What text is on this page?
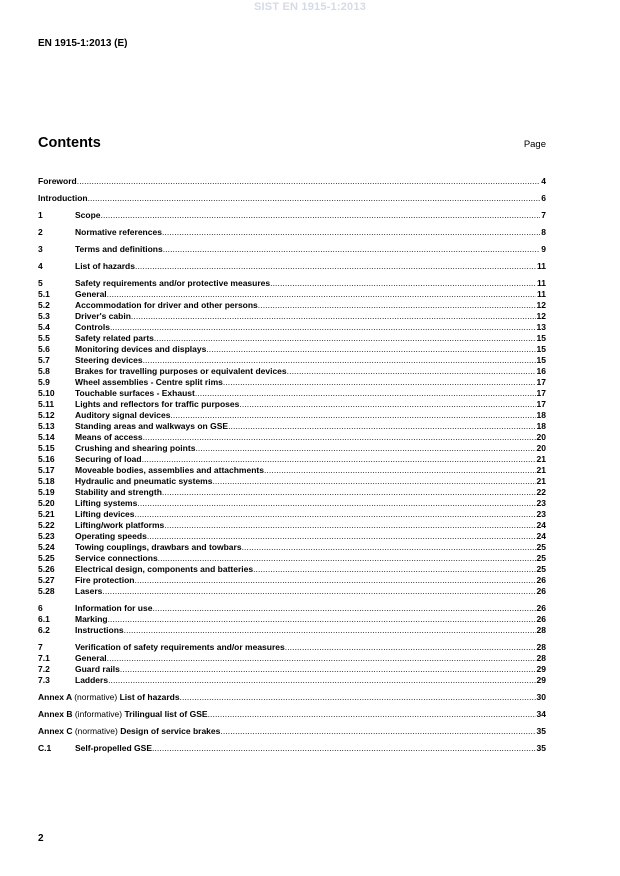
SIST EN 1915-1:2013
EN 1915-1:2013 (E)
Contents	Page
Foreword .....	4
Introduction .....	6
1	Scope .....	7
2	Normative references .....	8
3	Terms and definitions .....	9
4	List of hazards .....	11
5	Safety requirements and/or protective measures .....	11
5.1	General .....	11
5.2	Accommodation for driver and other persons .....	12
5.3	Driver's cabin .....	12
5.4	Controls .....	13
5.5	Safety related parts .....	15
5.6	Monitoring devices and displays .....	15
5.7	Steering devices .....	15
5.8	Brakes for travelling purposes or equivalent devices .....	16
5.9	Wheel assemblies - Centre split rims .....	17
5.10	Touchable surfaces - Exhaust .....	17
5.11	Lights and reflectors for traffic purposes .....	17
5.12	Auditory signal devices .....	18
5.13	Standing areas and walkways on GSE .....	18
5.14	Means of access .....	20
5.15	Crushing and shearing points .....	20
5.16	Securing of load .....	21
5.17	Moveable bodies, assemblies and attachments .....	21
5.18	Hydraulic and pneumatic systems .....	21
5.19	Stability and strength .....	22
5.20	Lifting systems .....	23
5.21	Lifting devices .....	23
5.22	Lifting/work platforms .....	24
5.23	Operating speeds .....	24
5.24	Towing couplings, drawbars and towbars .....	25
5.25	Service connections .....	25
5.26	Electrical design, components and batteries .....	25
5.27	Fire protection .....	26
5.28	Lasers .....	26
6	Information for use .....	26
6.1	Marking .....	26
6.2	Instructions .....	28
7	Verification of safety requirements and/or measures .....	28
7.1	General .....	28
7.2	Guard rails .....	29
7.3	Ladders .....	29
Annex A (normative) List of hazards .....	30
Annex B (informative) Trilingual list of GSE .....	34
Annex C (normative) Design of service brakes .....	35
C.1	Self-propelled GSE .....	35
2
